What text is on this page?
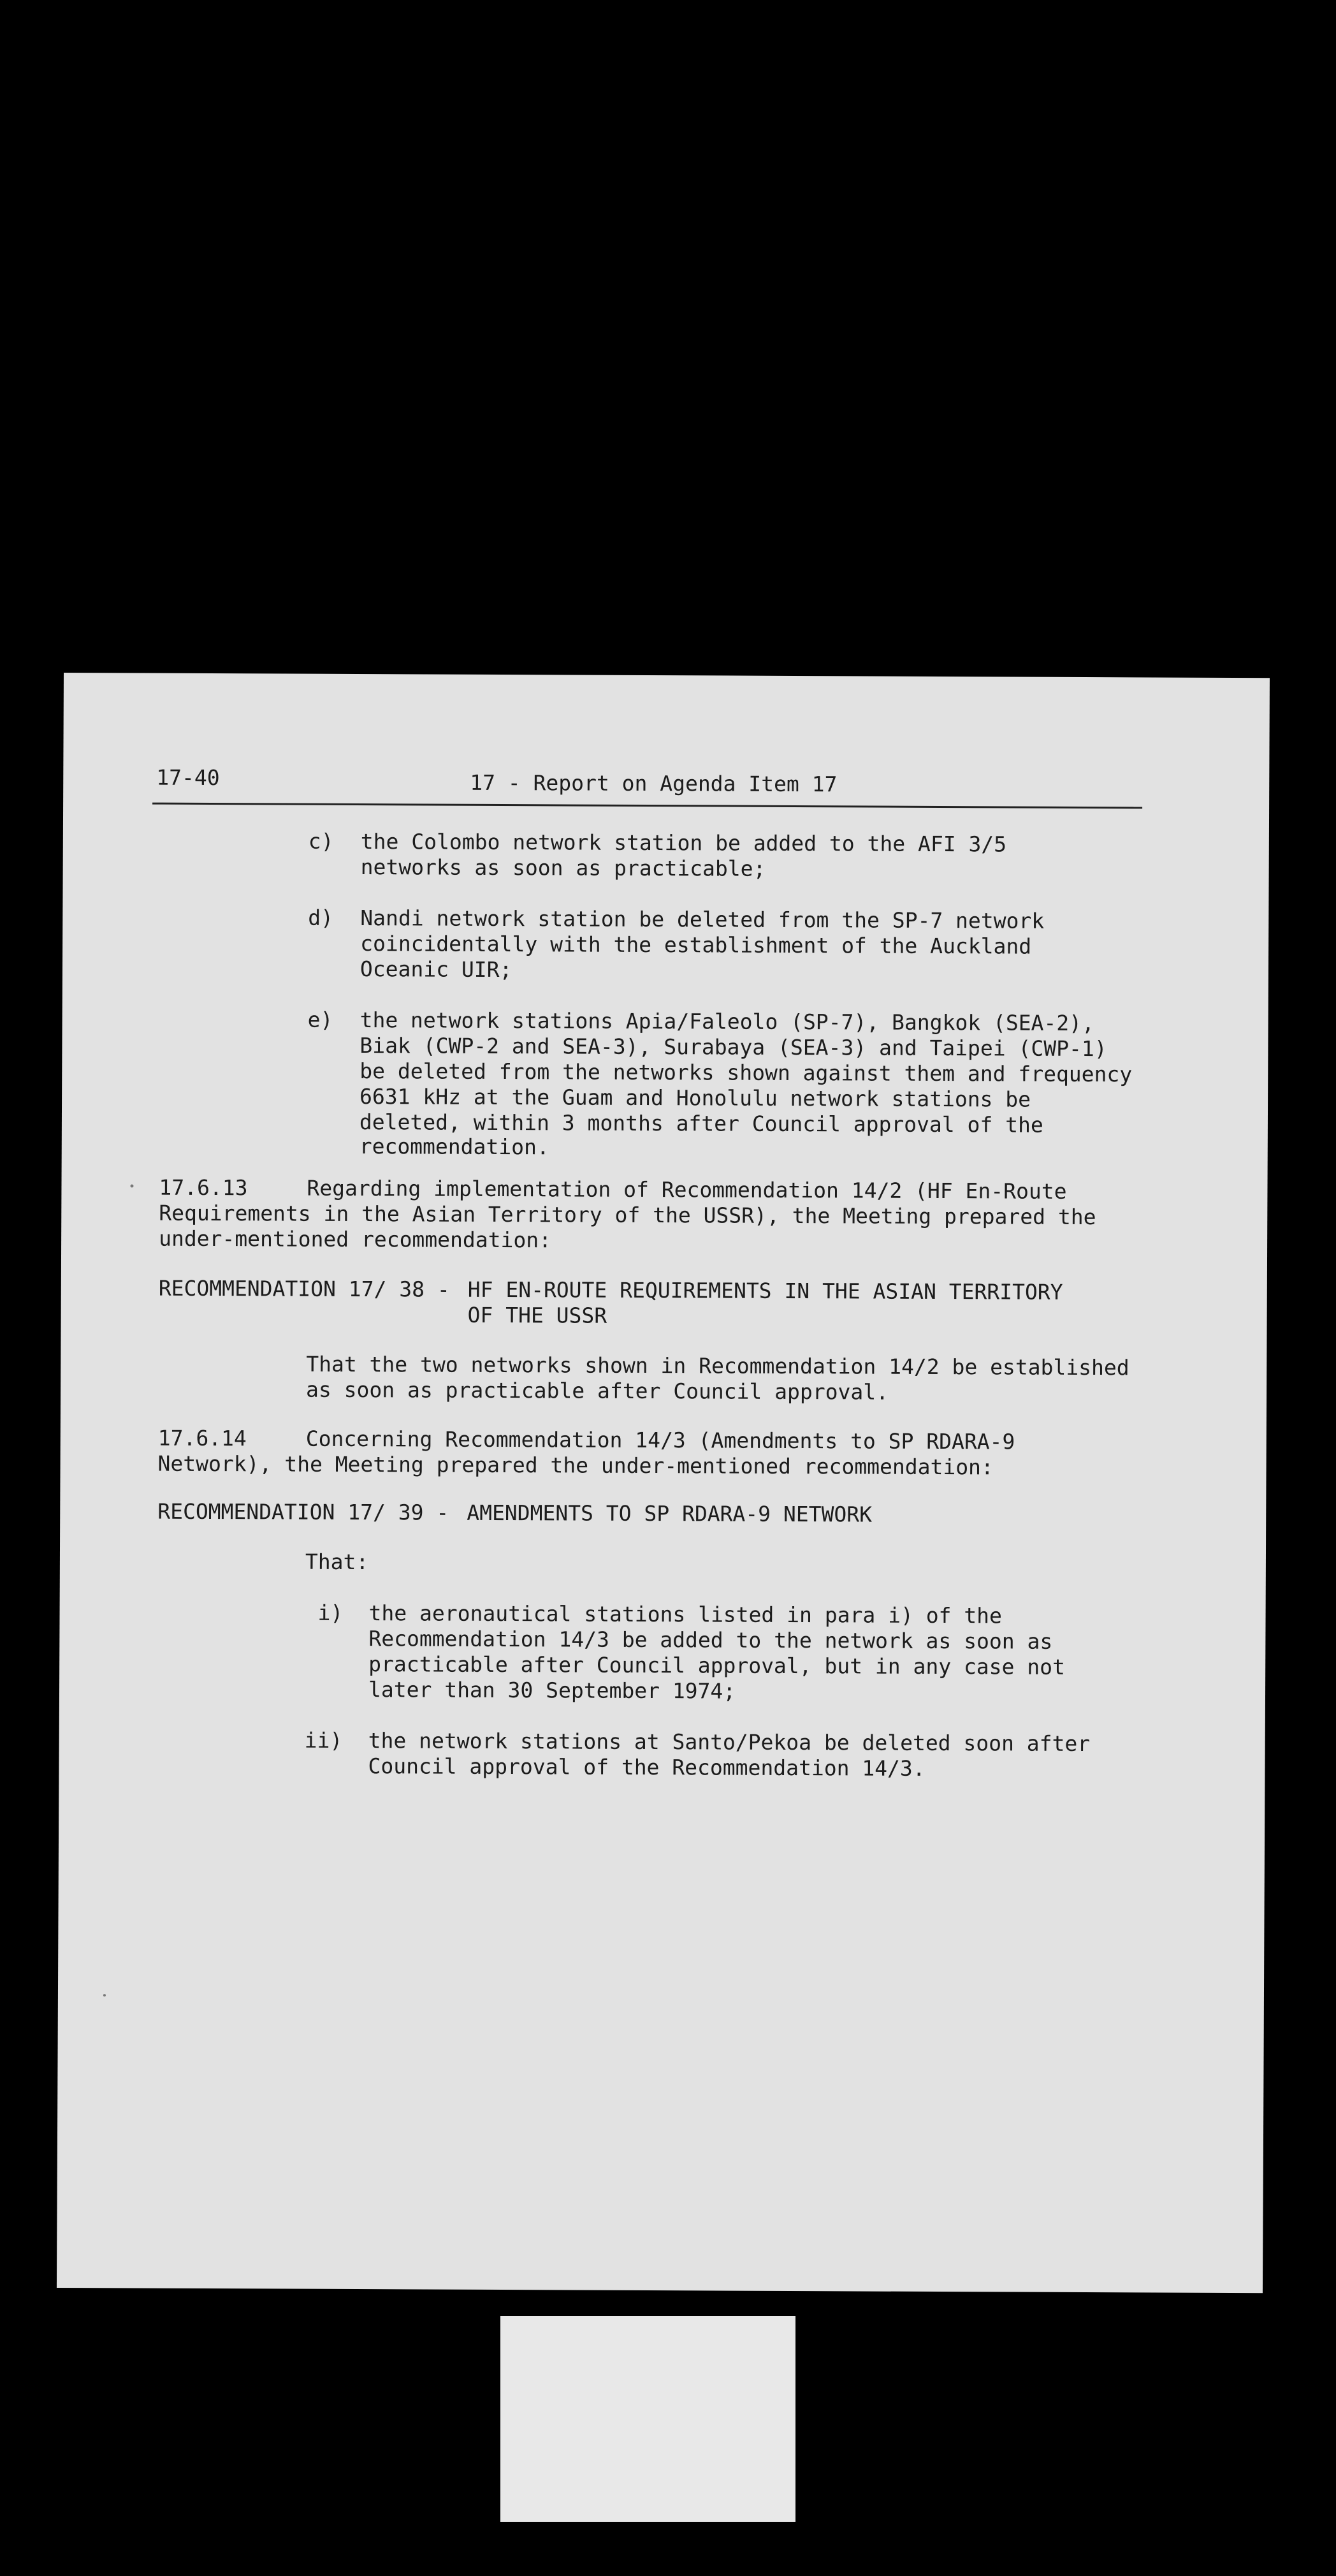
17-40	17 - Report on Agenda Item 17
c) the Colombo network station be added to the AFI 3/5
networks as soon as practicable;
d) Nandi network station be deleted from the SP-7 network
coincidentally with the establishment of the Auckland
Oceanic UIR;
e) the network stations Apia/Faleolo (SP-7), Bangkok (SEA-2),
Biak (CWP-2 and SEA-3), Surabaya (SEA-3) and Taipei (CWP-1)
be deleted from the networks shown against them and frequency
6631 kHz at the Guam and Honolulu network stations be
deleted, within 3 months after Council approval of the
recommendation.
17.6.13	Regarding implementation of Recommendation 14/2 (HF En-Route
Requirements in the Asian Territory of the USSR), the Meeting prepared the
under-mentioned recommendation:
RECOMMENDATION 17/ 38 - HF EN-ROUTE REQUIREMENTS IN THE ASIAN TERRITORY
OF THE USSR
That the two networks shown in Recommendation 14/2 be established
as soon as practicable after Council approval.
17.6.14	Concerning Recommendation 14/3 (Amendments to SP RDARA-9
Network), the Meeting prepared the under-mentioned recommendation:
RECOMMENDATION 17/ 39 - AMENDMENTS TO SP RDARA-9 NETWORK
That:
i) the aeronautical stations listed in para i) of the
Recommendation 14/3 be added to the network as soon as
practicable after Council approval, but in any case not
later than 30 September 1974;
ii) the network stations at Santo/Pekoa be deleted soon after
Council approval of the Recommendation 14/3.
